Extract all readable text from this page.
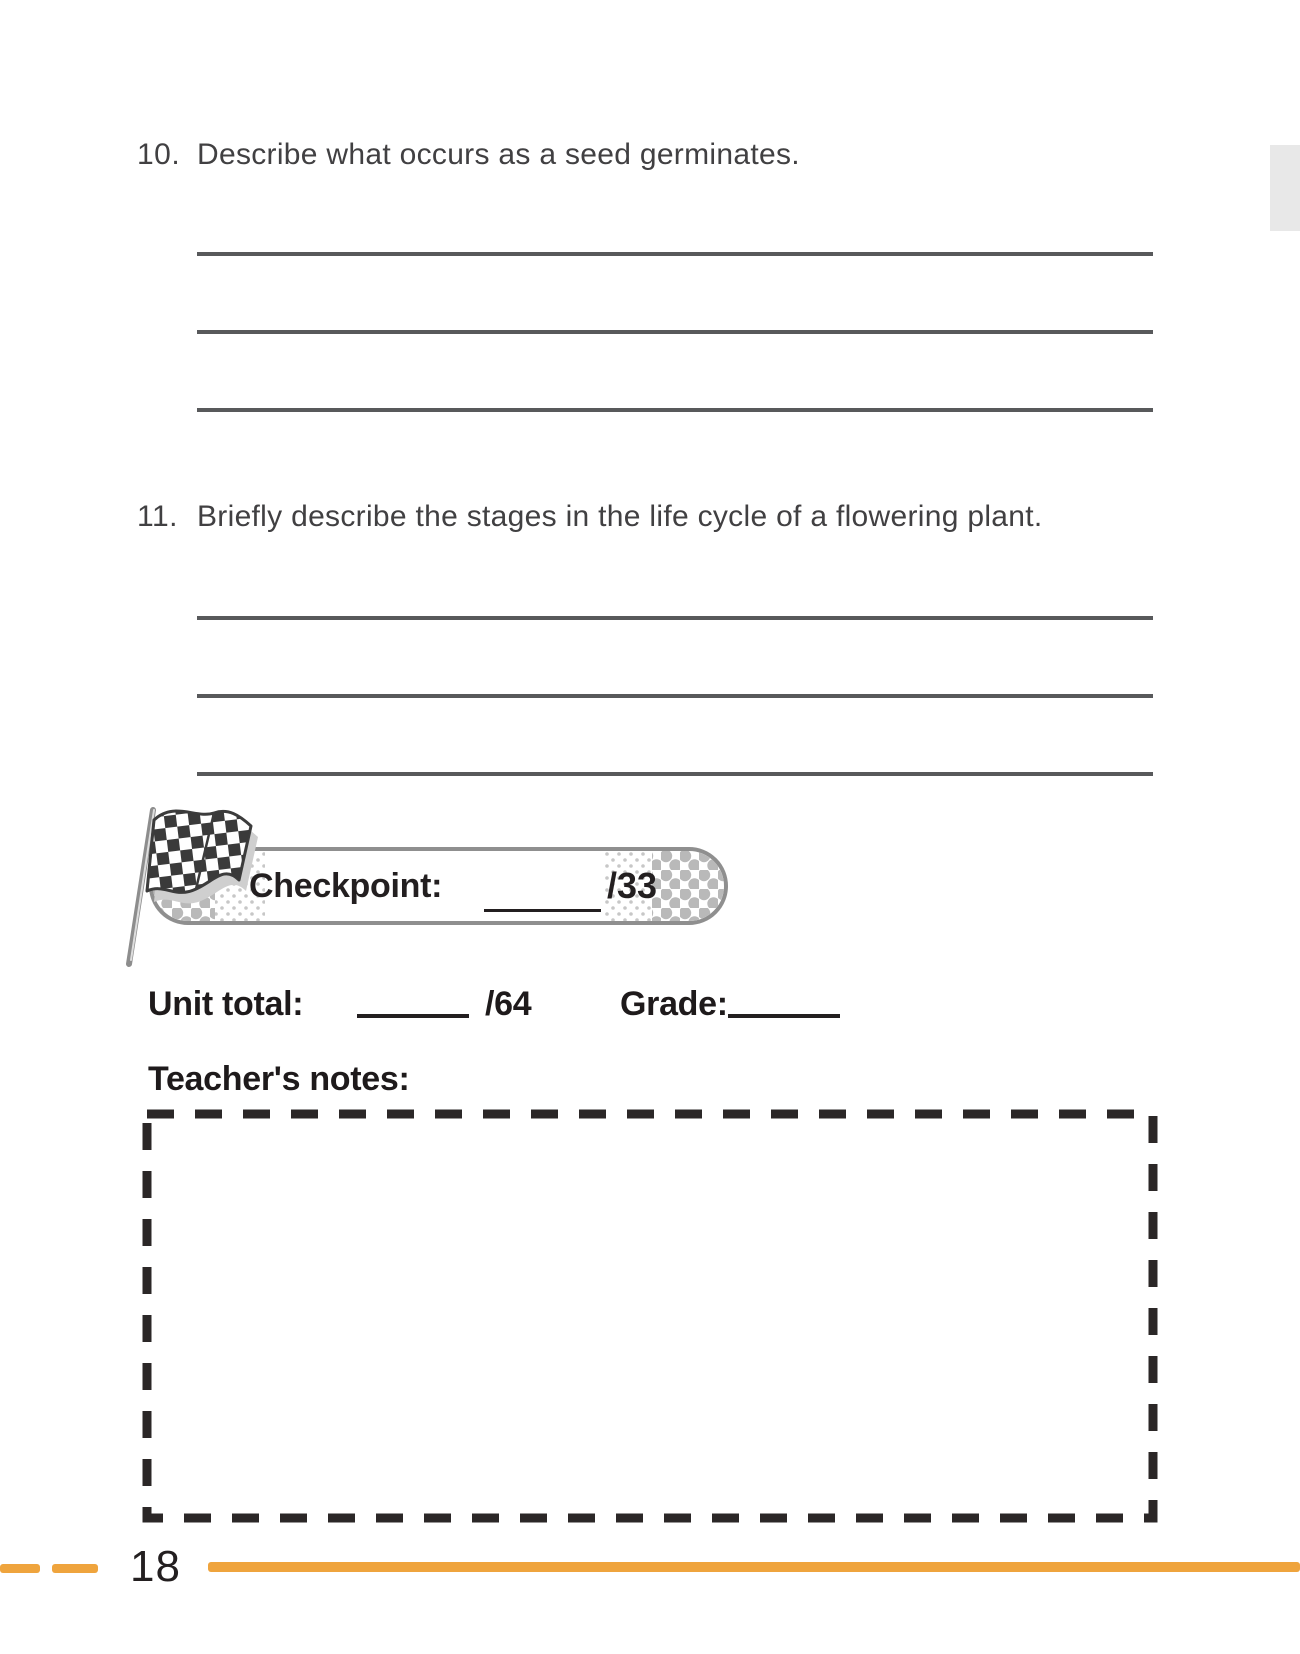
10. Describe what occurs as a seed germinates.
11. Briefly describe the stages in the life cycle of a flowering plant.
Checkpoint:	/33
Unit total:	/64	Grade:
Teacher's notes:
18
